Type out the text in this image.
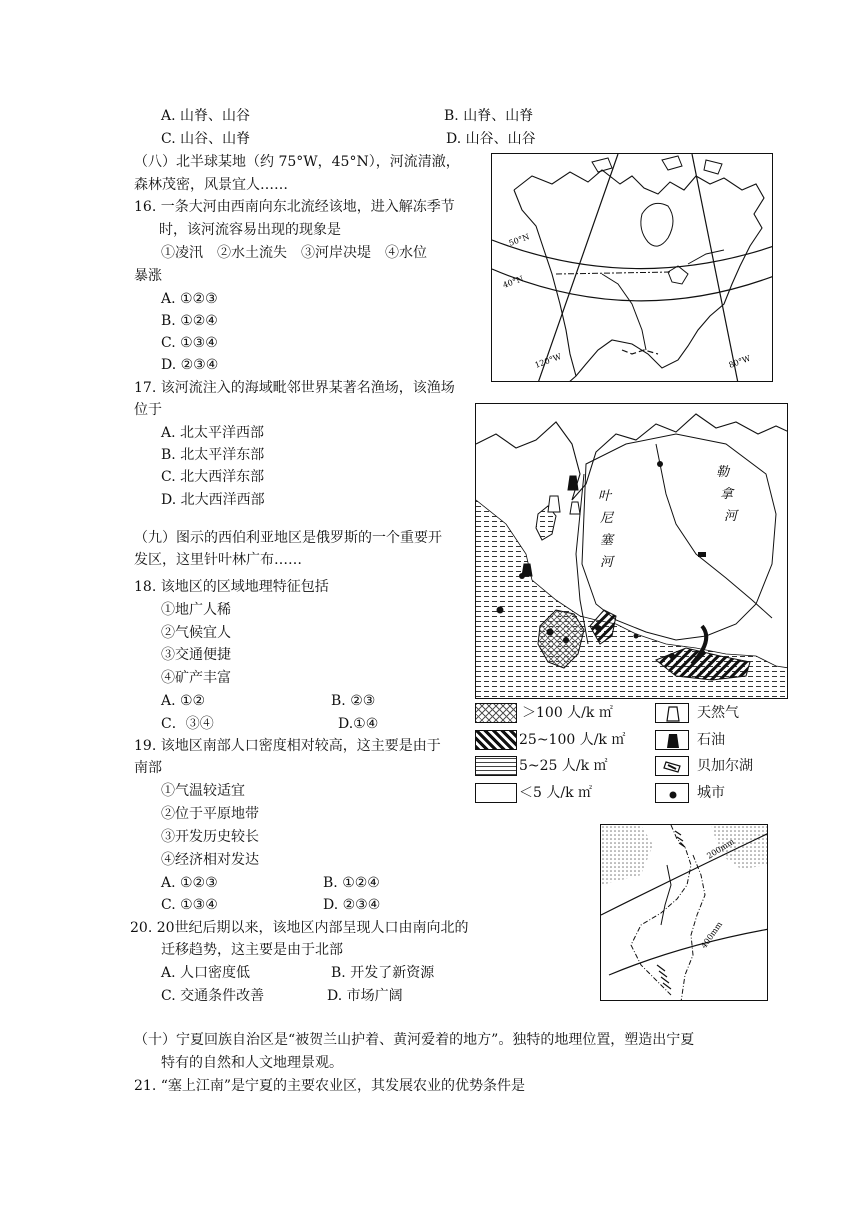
A. 山脊、山谷	B. 山脊、山脊
C. 山谷、山脊	D. 山谷、山谷
（八）北半球某地（约 75°W，45°N），河流清澈，
森林茂密，风景宜人……
16. 一条大河由西南向东北流经该地，进入解冻季节
时，该河流容易出现的现象是
①凌汛　②水土流失　③河岸决堤　④水位
暴涨
A. ①②③
B. ①②④
C. ①③④
D. ②③④
17. 该河流注入的海域毗邻世界某著名渔场，该渔场
位于
A. 北太平洋西部
B. 北太平洋东部
C. 北大西洋东部
D. 北大西洋西部
50°N
40°N
120°W	80°W
（九）图示的西伯利亚地区是俄罗斯的一个重要开
发区，这里针叶林广布……
18. 该地区的区域地理特征包括
①地广人稀
②气候宜人
③交通便捷
④矿产丰富
A. ①②	B. ②③
C．③④	D.①④
19. 该地区南部人口密度相对较高，这主要是由于
南部
①气温较适宜
②位于平原地带
③开发历史较长
④经济相对发达
A. ①②③	B. ①②④
C. ①③④	D. ②③④
20. 20世纪后期以来，该地区内部呈现人口由南向北的
迁移趋势，这主要是由于北部
A. 人口密度低	B. 开发了新资源
C. 交通条件改善	D. 市场广阔
勒
拿
河
叶
尼
塞
河
＞100 人/k ㎡
25~100 人/k ㎡
5~25 人/k ㎡
＜5 人/k ㎡
天然气
石油
贝加尔湖
城市
200mm
400mm
（十）宁夏回族自治区是“被贺兰山护着、黄河爱着的地方”。独特的地理位置，塑造出宁夏
特有的自然和人文地理景观。
21. “塞上江南”是宁夏的主要农业区，其发展农业的优势条件是
